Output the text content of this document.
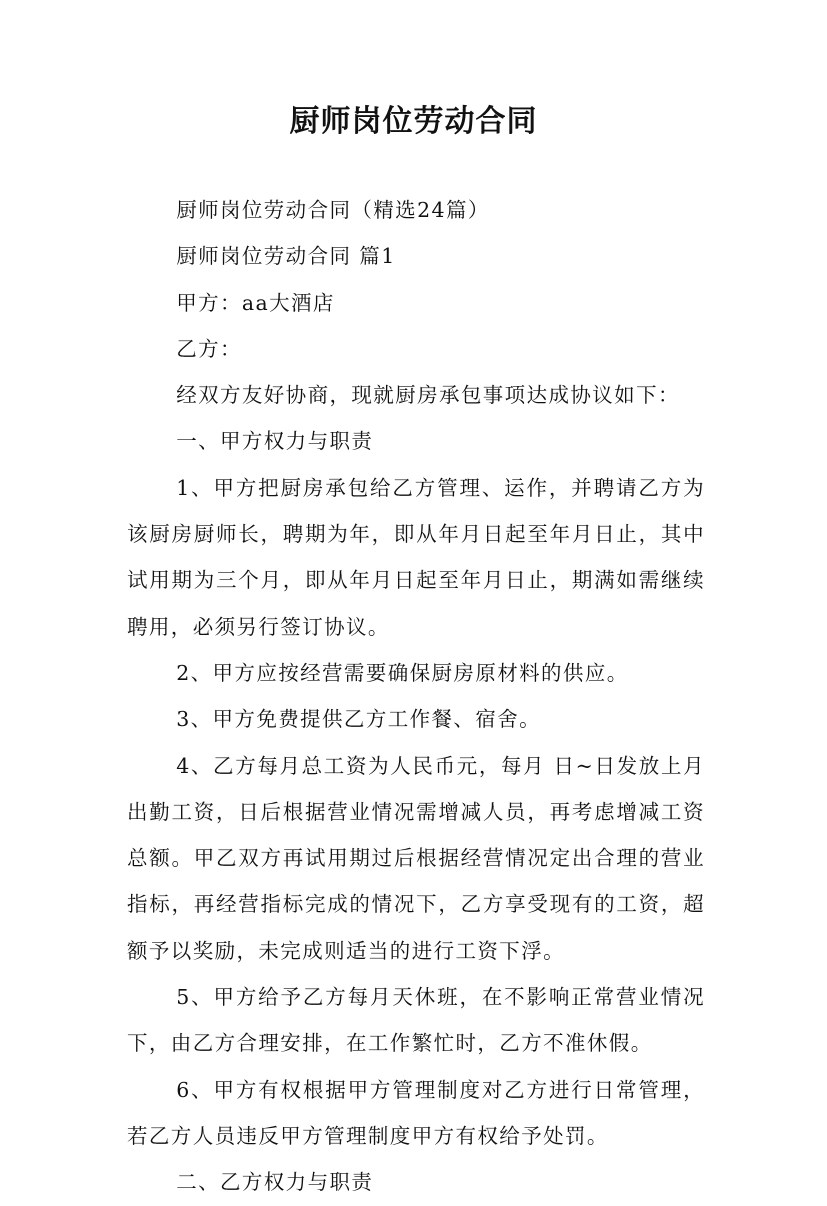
厨师岗位劳动合同

厨师岗位劳动合同（精选24篇）

厨师岗位劳动合同 篇1

甲方：aa大酒店

乙方：

经双方友好协商，现就厨房承包事项达成协议如下：

一、甲方权力与职责

1、甲方把厨房承包给乙方管理、运作，并聘请乙方为该厨房厨师长，聘期为年，即从年月日起至年月日止，其中试用期为三个月，即从年月日起至年月日止，期满如需继续聘用，必须另行签订协议。

2、甲方应按经营需要确保厨房原材料的供应。

3、甲方免费提供乙方工作餐、宿舍。

4、乙方每月总工资为人民币元，每月 日~日发放上月出勤工资，日后根据营业情况需增减人员，再考虑增减工资总额。甲乙双方再试用期过后根据经营情况定出合理的营业指标，再经营指标完成的情况下，乙方享受现有的工资，超额予以奖励，未完成则适当的进行工资下浮。

5、甲方给予乙方每月天休班，在不影响正常营业情况下，由乙方合理安排，在工作繁忙时，乙方不准休假。

6、甲方有权根据甲方管理制度对乙方进行日常管理，若乙方人员违反甲方管理制度甲方有权给予处罚。

二、乙方权力与职责
